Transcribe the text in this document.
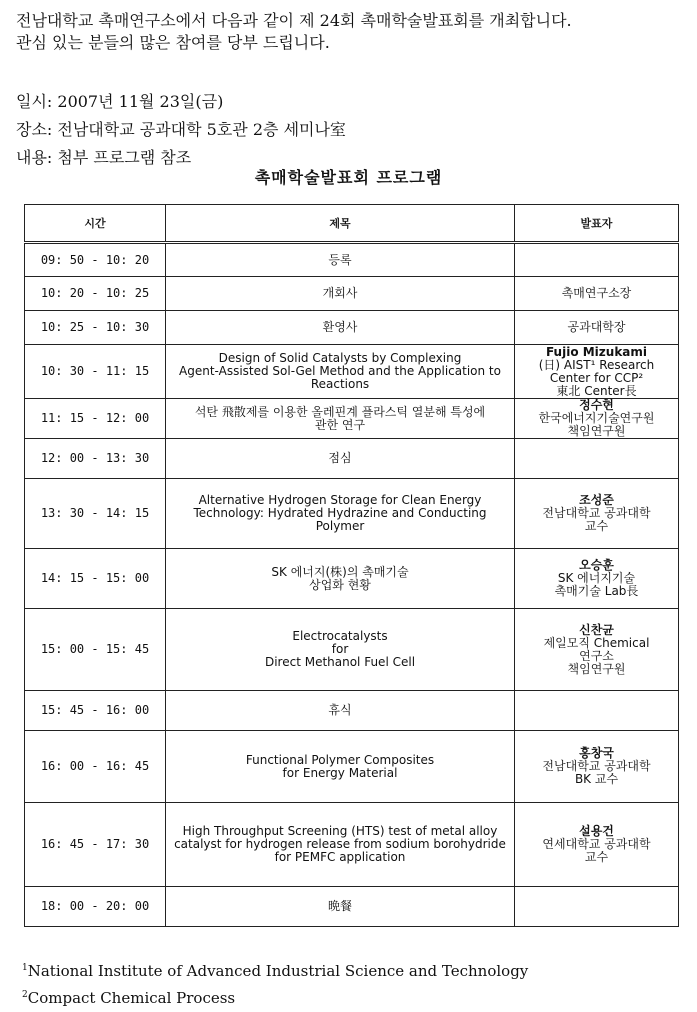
전남대학교 촉매연구소에서 다음과 같이 제 24회 촉매학술발표회를 개최합니다.

관심 있는 분들의 많은 참여를 당부 드립니다.

일시: 2007년 11월 23일(금)

장소: 전남대학교 공과대학 5호관 2층 세미나室

내용: 첨부 프로그램 참조

촉매학술발표회 프로그램
시간	제목	발표자
09: 50 - 10: 20	등록	

10: 20 - 10: 25	개회사	촉매연구소장

10: 25 - 10: 30	환영사	공과대학장

10: 30 - 11: 15	Design of Solid Catalysts by Complexing
Agent-Assisted Sol-Gel Method and the Application to
Reactions	Fujio Mizukami
(日) AIST¹ Research
Center for CCP²
東北 Center長

11: 15 - 12: 00	석탄 飛散제를 이용한 올레핀계 플라스틱 열분해 특성에
관한 연구	정수현
한국에너지기술연구원
책임연구원

12: 00 - 13: 30	점심	

13: 30 - 14: 15	Alternative Hydrogen Storage for Clean Energy
Technology: Hydrated Hydrazine and Conducting
Polymer	조성준
전남대학교 공과대학
교수

14: 15 - 15: 00	SK 에너지(株)의 촉매기술
상업화 현황	오승훈
SK 에너지기술
촉매기술 Lab長

15: 00 - 15: 45	Electrocatalysts
for
Direct Methanol Fuel Cell	신찬균
제일모직 Chemical
연구소
책임연구원

15: 45 - 16: 00	휴식	

16: 00 - 16: 45	Functional Polymer Composites
for Energy Material	홍창국
전남대학교 공과대학
BK 교수

16: 45 - 17: 30	High Throughput Screening (HTS) test of metal alloy
catalyst for hydrogen release from sodium borohydride
for PEMFC application	설용건
연세대학교 공과대학
교수

18: 00 - 20: 00	晩餐	

$^1$National Institute of Advanced Industrial Science and Technology

$^2$Compact Chemical Process
